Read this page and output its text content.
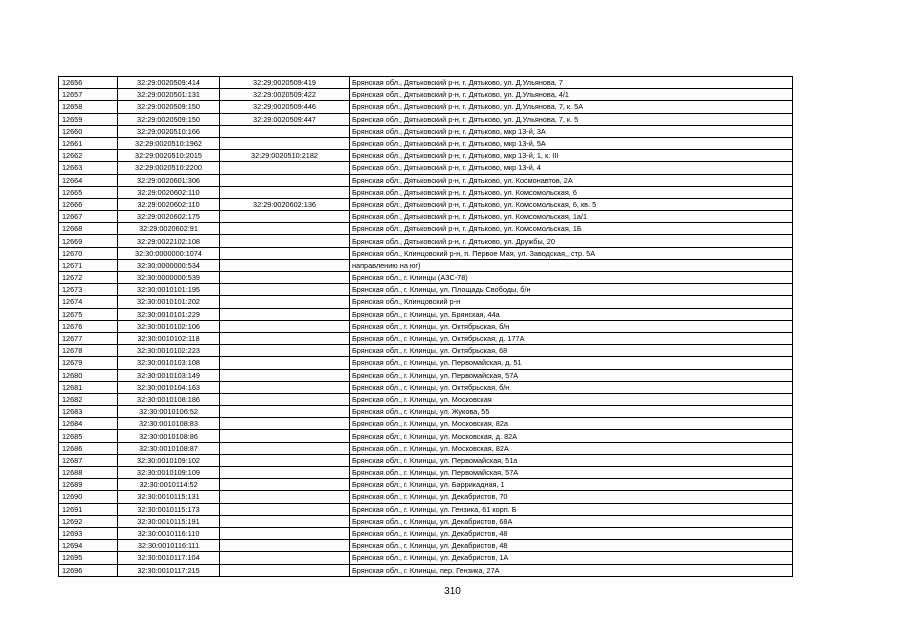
12656	32:29:0020509:414	32:29:0020509:419	Брянская обл., Дятьковский р-н, г. Дятьково, ул. Д.Ульянова, 7
12657	32:29:0020501:131	32:29:0020509:422	Брянская обл., Дятьковский р-н, г. Дятьково, ул. Д.Ульянова, 4/1
12658	32:29:0020509:150	32:29:0020509:446	Брянская обл., Дятьковский р-н, г. Дятьково, ул. Д.Ульянова, 7, к. 5А
12659	32:29:0020509:150	32:29:0020509:447	Брянская обл., Дятьковский р-н, г. Дятьково, ул. Д.Ульянова, 7, к. 5
12660	32:29:0020510:166		Брянская обл., Дятьковский р-н, г. Дятьково, мкр 13-й, 3А
12661	32:29:0020510:1962		Брянская обл., Дятьковский р-н, г. Дятьково, мкр 13-й, 5А
12662	32:29:0020510:2015	32:29:0020510:2182	Брянская обл., Дятьковский р-н, г. Дятьково, мкр 13-й, 1, к. III
12663	32:29:0020510:2200		Брянская обл., Дятьковский р-н, г. Дятьково, мкр 13-й, 4
12664	32:29:0020601:306		Брянская обл., Дятьковский р-н, г. Дятьково, ул. Космонавтов, 2А
12665	32:29:0020602:110		Брянская обл., Дятьковский р-н, г. Дятьково, ул. Комсомольская, 6
12666	32:29:0020602:110	32:29:0020602:136	Брянская обл., Дятьковский р-н, г. Дятьково, ул. Комсомольская, 6, кв. 5
12667	32:29:0020602:175		Брянская обл., Дятьковский р-н, г. Дятьково, ул. Комсомольская, 1а/1
12668	32:29:0020602:91		Брянская обл., Дятьковский р-н, г. Дятьково, ул. Комсомольская, 1Б
12669	32:29:0022102:108		Брянская обл., Дятьковский р-н, г. Дятьково, ул. Дружбы, 20
12670	32:30:0000000:1074		Брянская обл., Клинцовский р-н, п. Первое Мая, ул. Заводская,, стр. 5А
12671	32:30:0000000:534		направлению на юг)
12672	32:30:0000000:539		Брянская обл., г. Клинцы (АЗС-78)
12673	32:30:0010101:195		Брянская обл., г. Клинцы, ул. Площадь Свободы, б/н
12674	32:30:0010101:202		Брянская обл., Клинцовский р-н
12675	32:30:0010101:229		Брянская обл., г. Клинцы, ул. Брянская, 44а
12676	32:30:0010102:106		Брянская обл., г. Клинцы, ул. Октябрьская, б/н
12677	32:30:0010102:118		Брянская обл., г. Клинцы, ул. Октябрьская, д. 177А
12678	32:30:0010102:223		Брянская обл., г. Клинцы, ул. Октябрьская, 68
12679	32:30:0010103:108		Брянская обл., г. Клинцы, ул. Первомайская, д. 51
12680	32:30:0010103:149		Брянская обл., г. Клинцы, ул. Первомайская, 57А
12681	32:30:0010104:163		Брянская обл., г. Клинцы, ул. Октябрьская, б/н
12682	32:30:0010108:186		Брянская обл., г. Клинцы, ул. Московская
12683	32:30:0010106:52		Брянская обл., г. Клинцы, ул. Жукова, 55
12684	32:30:0010108:83		Брянская обл., г. Клинцы, ул. Московская, 82а
12685	32:30:0010108:86		Брянская обл., г. Клинцы, ул. Московская, д. 82А
12686	32:30:0010108:87		Брянская обл., г. Клинцы, ул. Московская, 82А
12687	32:30:0010109:102		Брянская обл., г. Клинцы, ул. Первомайская, 51а
12688	32:30:0010109:109		Брянская обл., г. Клинцы, ул. Первомайская, 57А
12689	32:30:0010114:52		Брянская обл., г. Клинцы, ул. Баррикадная, 1
12690	32:30:0010115:131		Брянская обл., г. Клинцы, ул. Декабристов, 70
12691	32:30:0010115:173		Брянская обл., г. Клинцы, ул. Гензика, 61 корп. Б
12692	32:30:0010115:191		Брянская обл., г. Клинцы, ул. Декабристов, 68А
12693	32:30:0010116:110		Брянская обл., г. Клинцы, ул. Декабристов, 48
12694	32:30:0010116:111		Брянская обл., г. Клинцы, ул. Декабристов, 48
12695	32:30:0010117:104		Брянская обл., г. Клинцы, ул. Декабристов, 1А
12696	32:30:0010117:215		Брянская обл., г. Клинцы, пер. Гензика, 27А
310
